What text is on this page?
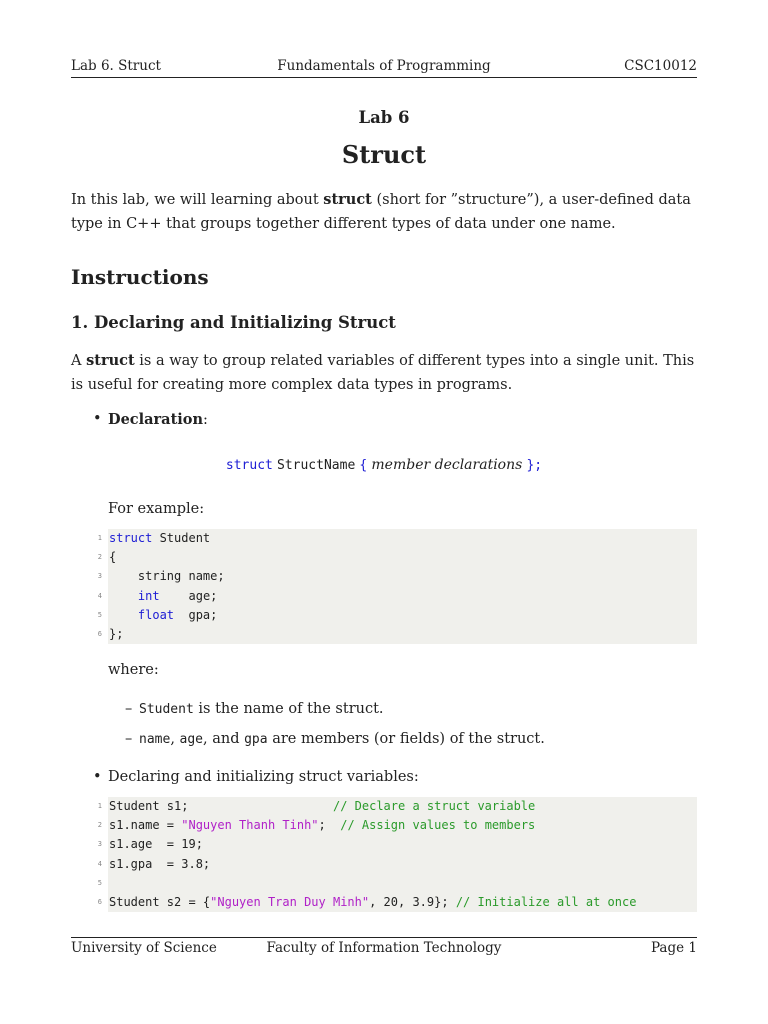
Lab 6. Struct	Fundamentals of Programming	CSC10012
Lab 6
Struct
In this lab, we will learning about struct (short for ”structure”), a user-defined data type in C++ that groups together different types of data under one name.
Instructions
1. Declaring and Initializing Struct
A struct is a way to group related variables of different types into a single unit. This is useful for creating more complex data types in programs.
• Declaration:
struct StructName { member declarations };
For example:
1 struct Student
2 {
3 string name;
4	int    age;
5	float  gpa;
6 };
where:
– Student is the name of the struct.
– name, age, and gpa are members (or fields) of the struct.
• Declaring and initializing struct variables:
1 Student s1;                    // Declare a struct variable
2 s1.name = "Nguyen Thanh Tinh";  // Assign values to members
3 s1.age  = 19;
4 s1.gpa  = 3.8;
5
6 Student s2 = {"Nguyen Tran Duy Minh", 20, 3.9}; // Initialize all at once
University of Science	Faculty of Information Technology	Page 1
